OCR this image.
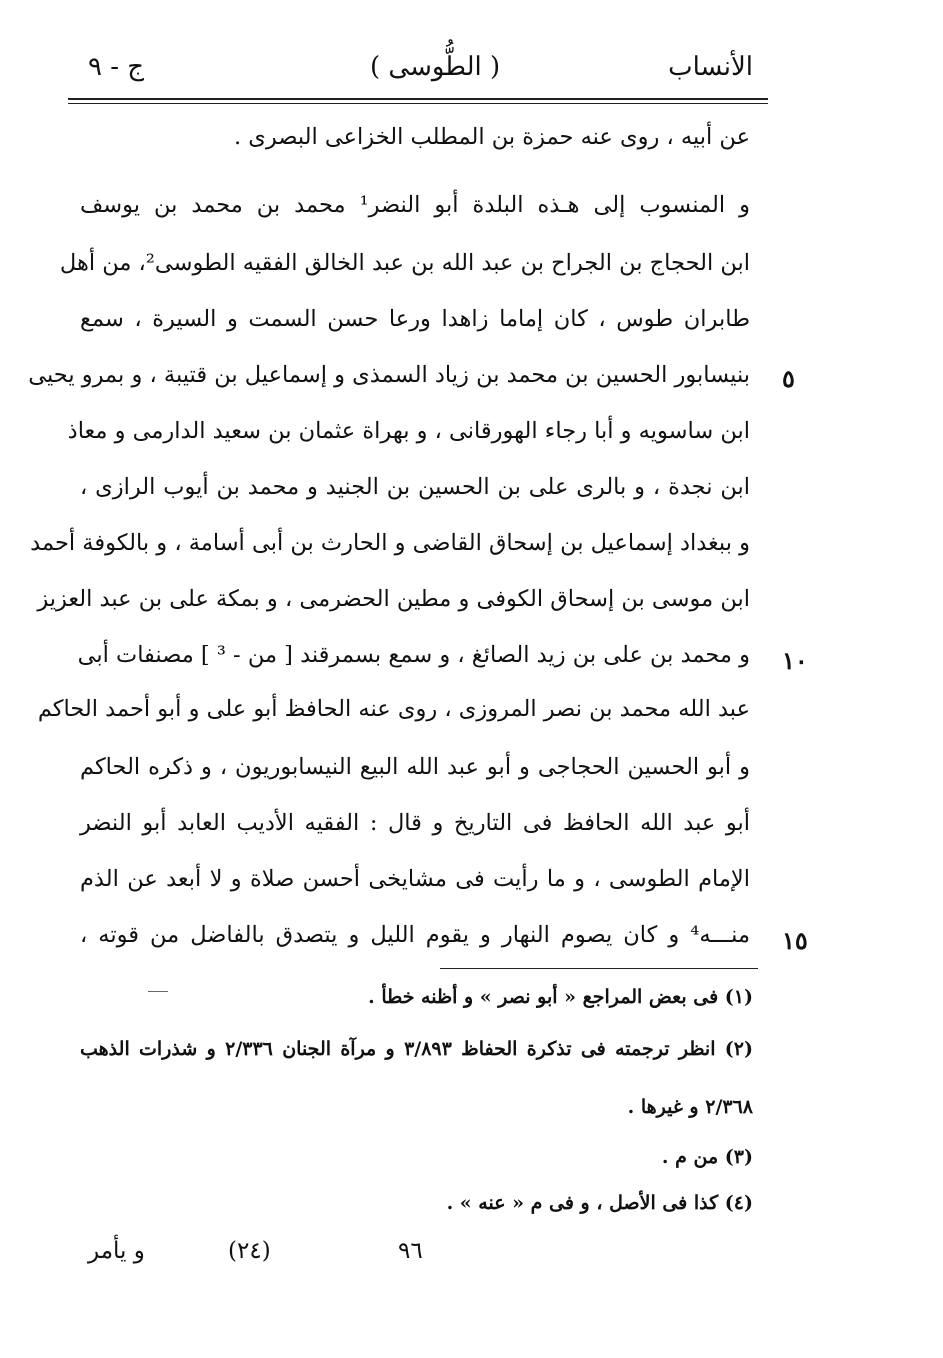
الأنساب
( الطُّوسى )
ج - ٩
عن أبيه ، روى عنه حمزة بن المطلب الخزاعى البصرى .
و المنسوب إلى هـذه البلدة أبو النضر¹ محمد بن محمد بن يوسف
ابن الحجاج بن الجراح بن عبد الله بن عبد الخالق الفقيه الطوسى²، من أهل
طابران طوس ، كان إماما زاهدا ورعا حسن السمت و السيرة ، سمع
بنيسابور الحسين بن محمد بن زياد السمذى و إسماعيل بن قتيبة ، و بمرو يحيى
ابن ساسويه و أبا رجاء الهورقانى ، و بهراة عثمان بن سعيد الدارمى و معاذ
ابن نجدة ، و بالرى على بن الحسين بن الجنيد و محمد بن أيوب الرازى ،
و ببغداد إسماعيل بن إسحاق القاضى و الحارث بن أبى أسامة ، و بالكوفة أحمد
ابن موسى بن إسحاق الكوفى و مطين الحضرمى ، و بمكة على بن عبد العزيز
و محمد بن على بن زيد الصائغ ، و سمع بسمرقند [ من - ³ ] مصنفات أبى
عبد الله محمد بن نصر المروزى ، روى عنه الحافظ أبو على و أبو أحمد الحاكم
و أبو الحسين الحجاجى و أبو عبد الله البيع النيسابوريون ، و ذكره الحاكم
أبو عبد الله الحافظ فى التاريخ و قال : الفقيه الأديب العابد أبو النضر
الإمام الطوسى ، و ما رأيت فى مشايخى أحسن صلاة و لا أبعد عن الذم
منـــه⁴ و كان يصوم النهار و يقوم الليل و يتصدق بالفاضل من قوته ،
٥
١٠
١٥
(١) فى بعض المراجع « أبو نصر » و أظنه خطأ .
(٢) انظر ترجمته فى تذكرة الحفاظ ٣/٨٩٣ و مرآة الجنان ٢/٣٣٦ و شذرات الذهب
٢/٣٦٨ و غيرها .
(٣) من م .
(٤) كذا فى الأصل ، و فى م « عنه » .
٩٦
(٢٤)
و يأمر
